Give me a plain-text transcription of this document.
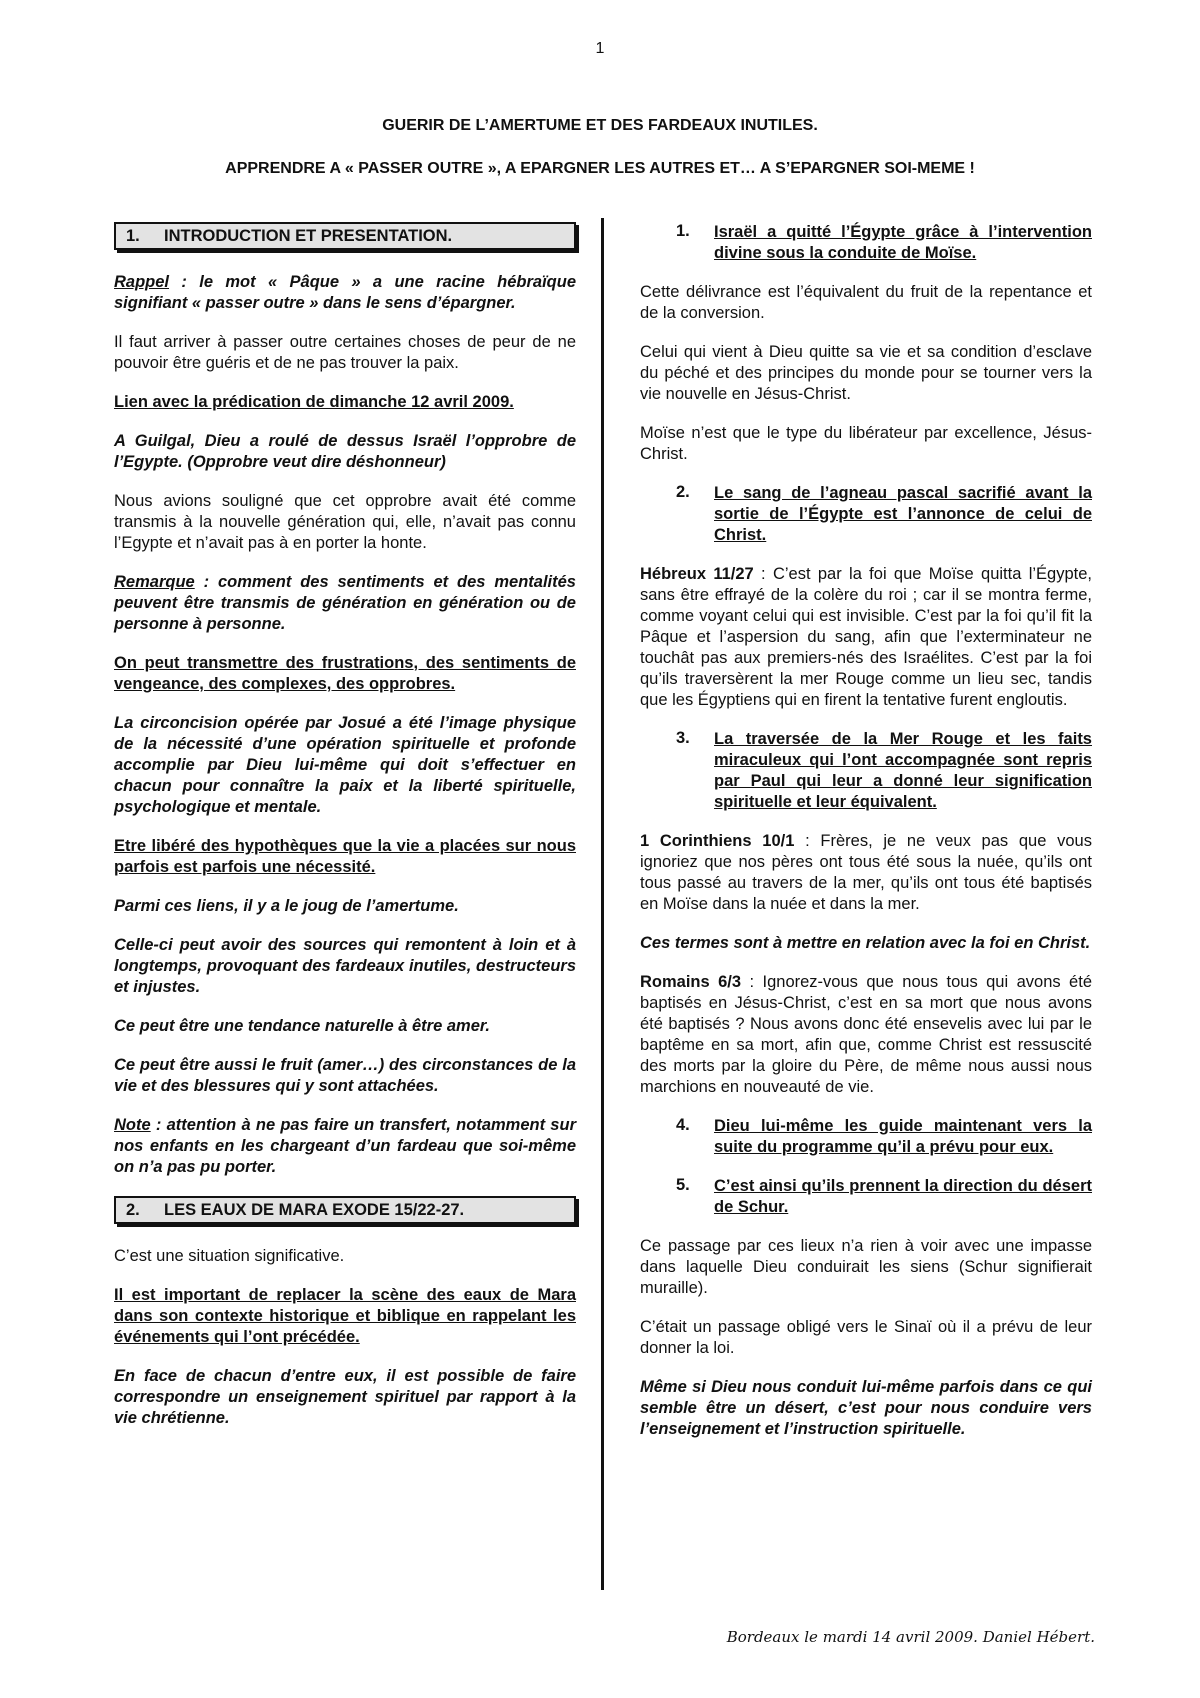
1
GUERIR DE L’AMERTUME ET DES FARDEAUX INUTILES.
APPRENDRE A « PASSER OUTRE », A EPARGNER LES AUTRES ET… A S’EPARGNER SOI-MEME !
1. INTRODUCTION ET PRESENTATION.

Rappel : le mot « Pâque » a une racine hébraïque signifiant « passer outre » dans le sens d’épargner.

Il faut arriver à passer outre certaines choses de peur de ne pouvoir être guéris et de ne pas trouver la paix.

Lien avec la prédication de dimanche 12 avril 2009.

A Guilgal, Dieu a roulé de dessus Israël l’opprobre de l’Egypte. (Opprobre veut dire déshonneur)

Nous avions souligné que cet opprobre avait été comme transmis à la nouvelle génération qui, elle, n’avait pas connu l’Egypte et n’avait pas à en porter la honte.

Remarque : comment des sentiments et des mentalités peuvent être transmis de génération en génération ou de personne à personne.

On peut transmettre des frustrations, des sentiments de vengeance, des complexes, des opprobres.

La circoncision opérée par Josué a été l’image physique de la nécessité d’une opération spirituelle et profonde accomplie par Dieu lui-même qui doit s’effectuer en chacun pour connaître la paix et la liberté spirituelle, psychologique et mentale.

Etre libéré des hypothèques que la vie a placées sur nous parfois est parfois une nécessité.

Parmi ces liens, il y a le joug de l’amertume.

Celle-ci peut avoir des sources qui remontent à loin et à longtemps, provoquant des fardeaux inutiles, destructeurs et injustes.

Ce peut être une tendance naturelle à être amer.

Ce peut être aussi le fruit (amer…) des circonstances de la vie et des blessures qui y sont attachées.

Note : attention à ne pas faire un transfert, notamment sur nos enfants en les chargeant d’un fardeau que soi-même on n’a pas pu porter.

2. LES EAUX DE MARA EXODE 15/22-27.

C’est une situation significative.

Il est important de replacer la scène des eaux de Mara dans son contexte historique et biblique en rappelant les événements qui l’ont précédée.

En face de chacun d’entre eux, il est possible de faire correspondre un enseignement spirituel par rapport à la vie chrétienne.

1.	Israël a quitté l’Égypte grâce à l’intervention divine sous la conduite de Moïse.

Cette délivrance est l’équivalent du fruit de la repentance et de la conversion.

Celui qui vient à Dieu quitte sa vie et sa condition d’esclave du péché et des principes du monde pour se tourner vers la vie nouvelle en Jésus-Christ.

Moïse n’est que le type du libérateur par excellence, Jésus-Christ.

2.	Le sang de l’agneau pascal sacrifié avant la sortie de l’Égypte est l’annonce de celui de Christ.

Hébreux 11/27 : C’est par la foi que Moïse quitta l’Égypte, sans être effrayé de la colère du roi ; car il se montra ferme, comme voyant celui qui est invisible. C’est par la foi qu’il fit la Pâque et l’aspersion du sang, afin que l’exterminateur ne touchât pas aux premiers-nés des Israélites. C’est par la foi qu’ils traversèrent la mer Rouge comme un lieu sec, tandis que les Égyptiens qui en firent la tentative furent engloutis.

3.	La traversée de la Mer Rouge et les faits miraculeux qui l’ont accompagnée sont repris par Paul qui leur a donné leur signification spirituelle et leur équivalent.

1 Corinthiens 10/1 : Frères, je ne veux pas que vous ignoriez que nos pères ont tous été sous la nuée, qu’ils ont tous passé au travers de la mer, qu’ils ont tous été baptisés en Moïse dans la nuée et dans la mer.

Ces termes sont à mettre en relation avec la foi en Christ.

Romains 6/3 : Ignorez-vous que nous tous qui avons été baptisés en Jésus-Christ, c’est en sa mort que nous avons été baptisés ? Nous avons donc été ensevelis avec lui par le baptême en sa mort, afin que, comme Christ est ressuscité des morts par la gloire du Père, de même nous aussi nous marchions en nouveauté de vie.

4.	Dieu lui-même les guide maintenant vers la suite du programme qu’il a prévu pour eux.
5.	C’est ainsi qu’ils prennent la direction du désert de Schur.

Ce passage par ces lieux n’a rien à voir avec une impasse dans laquelle Dieu conduirait les siens (Schur signifierait muraille).

C’était un passage obligé vers le Sinaï où il a prévu de leur donner la loi.

Même si Dieu nous conduit lui-même parfois dans ce qui semble être un désert, c’est pour nous conduire vers l’enseignement et l’instruction spirituelle.

Bordeaux le mardi 14 avril 2009. Daniel Hébert.
